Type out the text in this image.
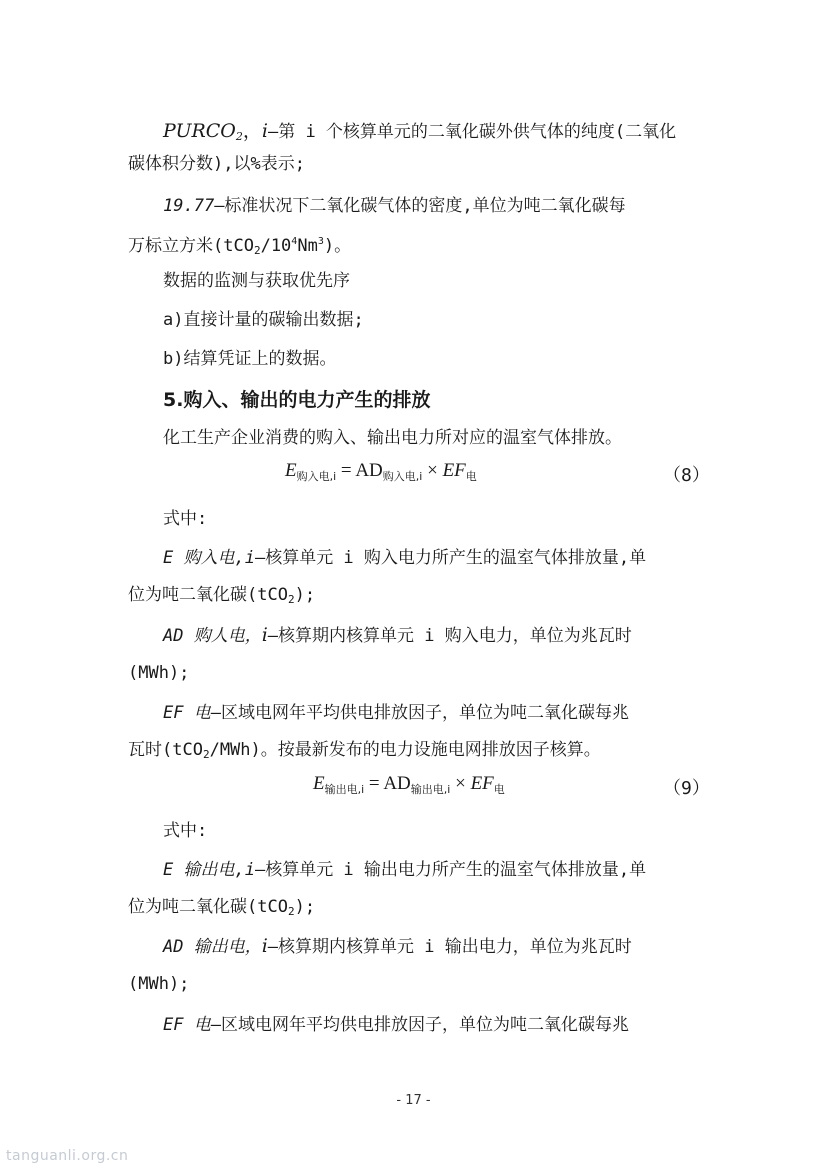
$PURCO_2$，i—第 i 个核算单元的二氧化碳外供气体的纯度(二氧化
碳体积分数),以%表示;
19.77—标准状况下二氧化碳气体的密度,单位为吨二氧化碳每
万标立方米$(tCO_2/10^4Nm^3)$。
数据的监测与获取优先序
a)直接计量的碳输出数据;
b)结算凭证上的数据。
5.购入、输出的电力产生的排放
化工生产企业消费的购入、输出电力所对应的温室气体排放。
$E_{购入电,i} = AD_{购入电,i} \times EF_电$	（8）
式中:
E 购入电,i—核算单元 i 购入电力所产生的温室气体排放量,单
位为吨二氧化碳(tCO$_2$);
AD 购人电，i—核算期内核算单元 i 购入电力，单位为兆瓦时
(MWh);
EF 电—区域电网年平均供电排放因子，单位为吨二氧化碳每兆
瓦时(tCO$_2$/MWh)。按最新发布的电力设施电网排放因子核算。
$E_{输出电,i} = AD_{输出电,i} \times EF_电$	（9）
式中:
E 输出电,i—核算单元 i 输出电力所产生的温室气体排放量,单
位为吨二氧化碳(tCO$_2$);
AD 输出电，i—核算期内核算单元 i 输出电力，单位为兆瓦时
(MWh);
EF 电—区域电网年平均供电排放因子，单位为吨二氧化碳每兆
- 17 -
tanguanli.org.cn
